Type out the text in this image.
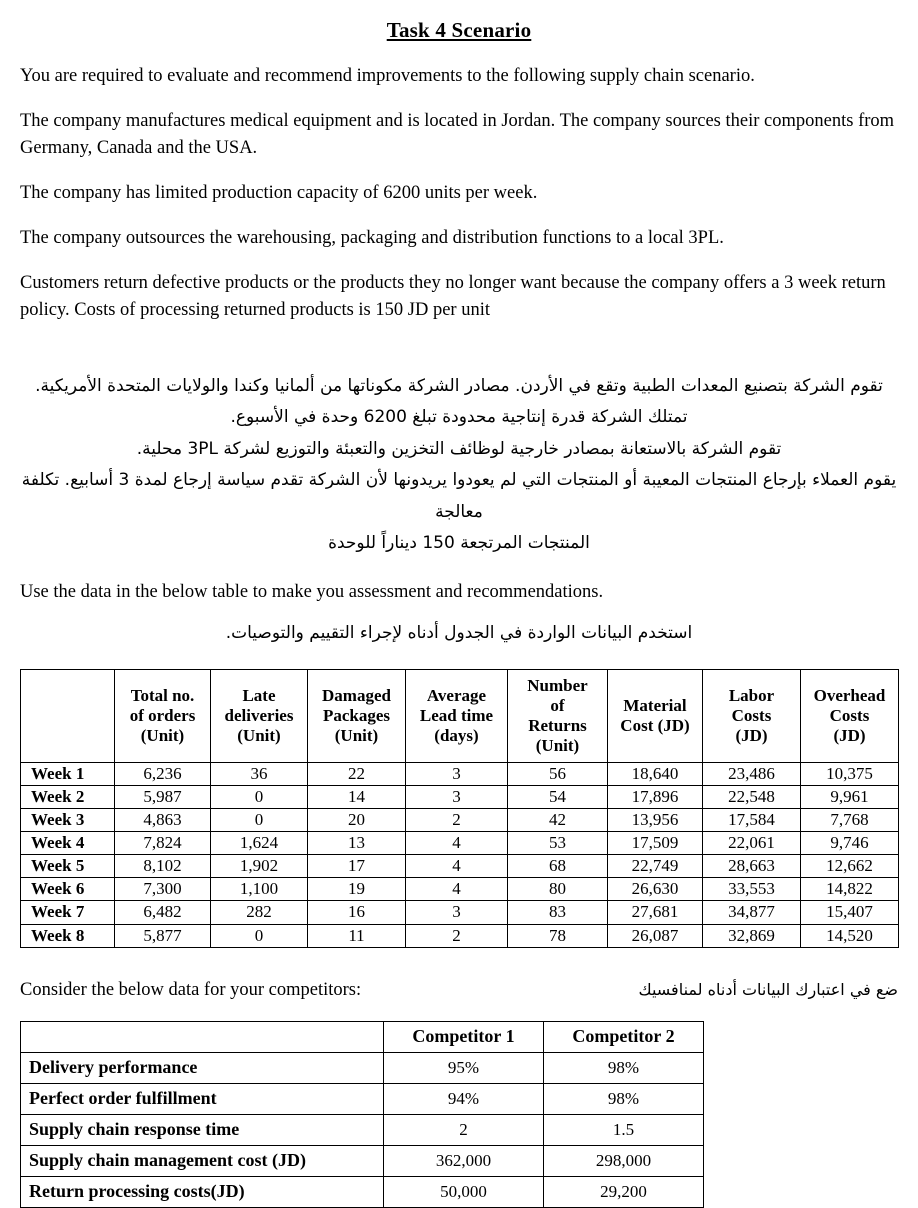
Task 4 Scenario

You are required to evaluate and recommend improvements to the following supply chain scenario.

The company manufactures medical equipment and is located in Jordan. The company sources their components from Germany, Canada and the USA.

The company has limited production capacity of 6200 units per week.

The company outsources the warehousing, packaging and distribution functions to a local 3PL.

Customers return defective products or the products they no longer want because the company offers a 3 week return policy. Costs of processing returned products is 150 JD per unit

تقوم الشركة بتصنيع المعدات الطبية وتقع في الأردن. مصادر الشركة مكوناتها من ألمانيا وكندا والولايات المتحدة الأمريكية.
تمتلك الشركة قدرة إنتاجية محدودة تبلغ 6200 وحدة في الأسبوع.
تقوم الشركة بالاستعانة بمصادر خارجية لوظائف التخزين والتعبئة والتوزيع لشركة 3PL محلية.
يقوم العملاء بإرجاع المنتجات المعيبة أو المنتجات التي لم يعودوا يريدونها لأن الشركة تقدم سياسة إرجاع لمدة 3 أسابيع. تكلفة معالجة
المنتجات المرتجعة 150 ديناراً للوحدة

Use the data in the below table to make you assessment and recommendations.

استخدم البيانات الواردة في الجدول أدناه لإجراء التقييم والتوصيات.
	Total no.
of orders
(Unit)	Late
deliveries
(Unit)	Damaged
Packages
(Unit)	Average
Lead time
(days)	Number
of
Returns
(Unit)	Material
Cost (JD)	Labor
Costs
(JD)	Overhead
Costs
(JD)
Week 1	6,236	36	22	3	56	18,640	23,486	10,375
Week 2	5,987	0	14	3	54	17,896	22,548	9,961
Week 3	4,863	0	20	2	42	13,956	17,584	7,768
Week 4	7,824	1,624	13	4	53	17,509	22,061	9,746
Week 5	8,102	1,902	17	4	68	22,749	28,663	12,662
Week 6	7,300	1,100	19	4	80	26,630	33,553	14,822
Week 7	6,482	282	16	3	83	27,681	34,877	15,407
Week 8	5,877	0	11	2	78	26,087	32,869	14,520
Consider the below data for your competitors:	ضع في اعتبارك البيانات أدناه لمنافسيك
	Competitor 1	Competitor 2
Delivery performance	95%	98%
Perfect order fulfillment	94%	98%
Supply chain response time	2	1.5
Supply chain management cost (JD)	362,000	298,000
Return processing costs(JD)	50,000	29,200
